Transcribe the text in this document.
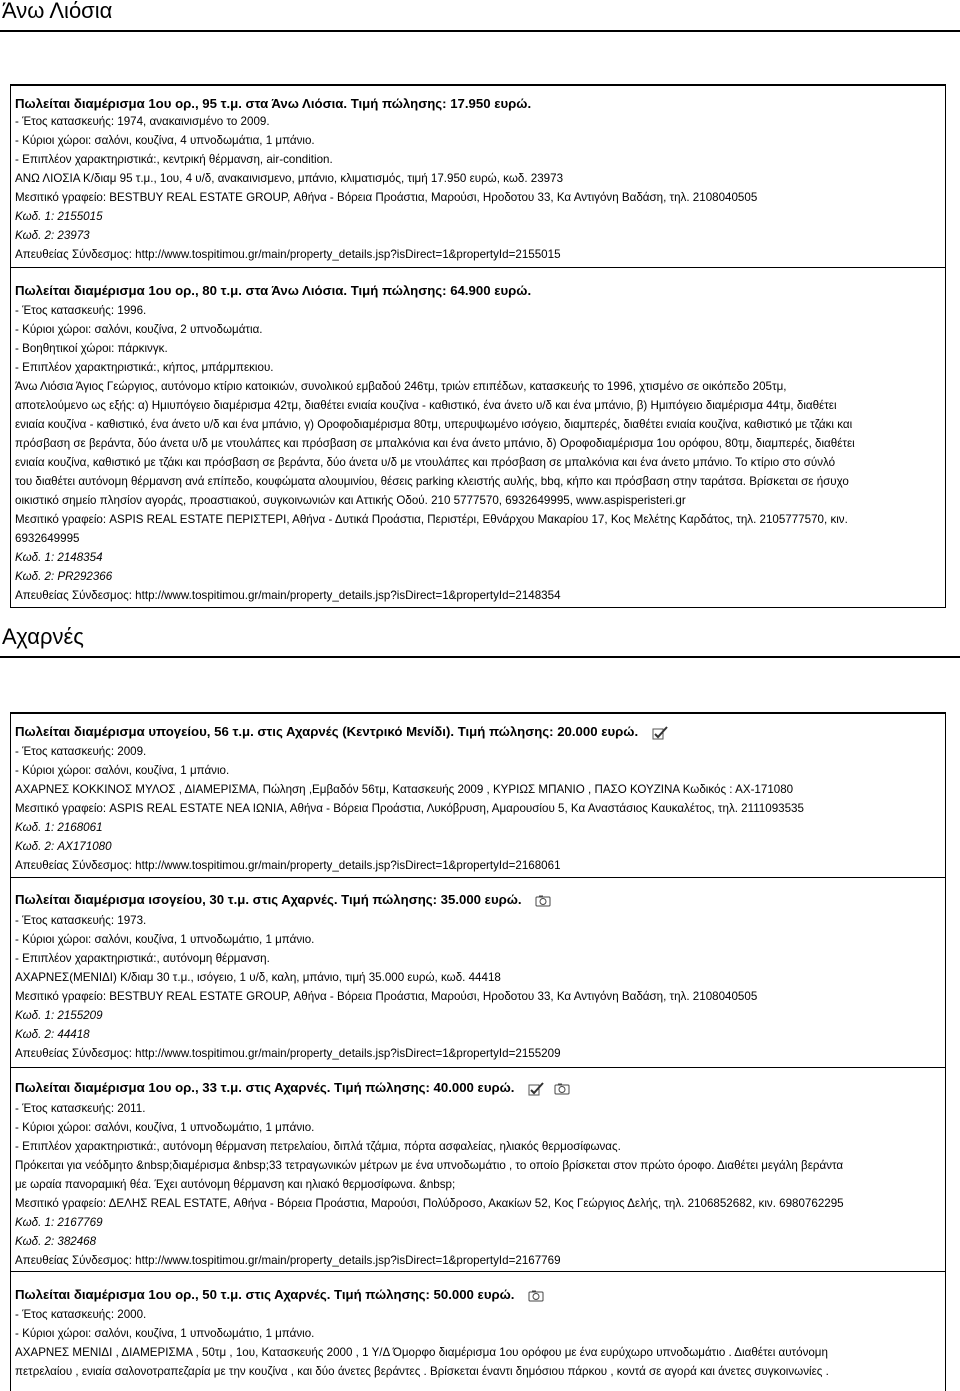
Άνω Λιόσια
Πωλείται διαμέρισμα 1ου ορ., 95 τ.μ. στα Άνω Λιόσια. Τιμή πώλησης: 17.950 ευρώ.
- Έτος κατασκευής: 1974, ανακαινισμένο το 2009.
- Κύριοι χώροι: σαλόνι, κουζίνα, 4 υπνοδωμάτια, 1 μπάνιο.
- Επιπλέον χαρακτηριστικά:, κεντρική θέρμανση, air-condition.
ΑΝΩ ΛΙΟΣΙΑ Κ/διαμ 95 τ.μ., 1ου, 4 υ/δ, ανακαινισμενο, μπάνιο, κλιματισμός, τιμή 17.950 ευρώ, κωδ. 23973
Μεσιτικό γραφείο: BESTBUY REAL ESTATE GROUP, Αθήνα - Βόρεια Προάστια, Μαρούσι, Ηροδοτου 33, Κα Αντιγόνη Βαδάση, τηλ. 2108040505
Κωδ. 1: 2155015
Κωδ. 2: 23973
Απευθείας Σύνδεσμος: http://www.tospitimou.gr/main/property_details.jsp?isDirect=1&propertyId=2155015
Πωλείται διαμέρισμα 1ου ορ., 80 τ.μ. στα Άνω Λιόσια. Τιμή πώλησης: 64.900 ευρώ.
- Έτος κατασκευής: 1996.
- Κύριοι χώροι: σαλόνι, κουζίνα, 2 υπνοδωμάτια.
- Βοηθητικοί χώροι: πάρκινγκ.
- Επιπλέον χαρακτηριστικά:, κήπος, μπάρμπεκιου.
Άνω Λιόσια Άγιος Γεώργιος, αυτόνομο κτίριο κατοικιών, συνολικού εμβαδού 246τμ, τριών επιπέδων, κατασκευής το 1996, χτισμένο σε οικόπεδο 205τμ,
αποτελούμενο ως εξής: α) Ημιυπόγειο διαμέρισμα 42τμ, διαθέτει ενιαία κουζίνα - καθιστικό, ένα άνετο υ/δ και ένα μπάνιο, β) Ημιπόγειο διαμέρισμα 44τμ, διαθέτει
ενιαία κουζίνα - καθιστικό, ένα άνετο υ/δ και ένα μπάνιο, γ) Οροφοδιαμέρισμα 80τμ, υπερυψωμένο ισόγειο, διαμπερές, διαθέτει ενιαία κουζίνα, καθιστικό με τζάκι και
πρόσβαση σε βεράντα, δύο άνετα υ/δ με ντουλάπες και πρόσβαση σε μπαλκόνια και ένα άνετο μπάνιο, δ) Οροφοδιαμέρισμα 1ου ορόφου, 80τμ, διαμπερές, διαθέτει
ενιαία κουζίνα, καθιστικό με τζάκι και πρόσβαση σε βεράντα, δύο άνετα υ/δ με ντουλάπες και πρόσβαση σε μπαλκόνια και ένα άνετο μπάνιο. Το κτίριο στο σύνλό
του διαθέτει αυτόνομη θέρμανση ανά επίπεδο, κουφώματα αλουμινίου, θέσεις parking κλειστής αυλής, bbq, κήπο και πρόσβαση στην ταράτσα. Βρίσκεται σε ήσυχο
οικιστικό σημείο πλησίον αγοράς, προαστιακού, συγκοινωνιών και Αττικής Οδού. 210 5777570, 6932649995, www.aspisperisteri.gr
Μεσιτικό γραφείο: ASPIS REAL ESTATE ΠΕΡΙΣΤΕΡΙ, Αθήνα - Δυτικά Προάστια, Περιστέρι, Εθνάρχου Μακαρίου 17, Κος Μελέτης Καρδάτος, τηλ. 2105777570, κιν.
6932649995
Κωδ. 1: 2148354
Κωδ. 2: PR292366
Απευθείας Σύνδεσμος: http://www.tospitimou.gr/main/property_details.jsp?isDirect=1&propertyId=2148354
Αχαρνές
Πωλείται διαμέρισμα υπογείου, 56 τ.μ. στις Αχαρνές (Κεντρικό Μενίδι). Τιμή πώλησης: 20.000 ευρώ.
- Έτος κατασκευής: 2009.
- Κύριοι χώροι: σαλόνι, κουζίνα, 1 μπάνιο.
ΑΧΑΡΝΕΣ ΚΟΚΚΙΝΟΣ ΜΥΛΟΣ , ΔΙΑΜΕΡΙΣΜΑ, Πώληση ,Εμβαδόν 56τμ, Κατασκευής 2009 , ΚΥΡΙΩΣ ΜΠΑΝΙΟ , ΠΑΣΟ ΚΟΥΖΙΝΑ Κωδικός : ΑΧ-171080
Μεσιτικό γραφείο: ASPIS REAL ESTATE ΝΕΑ ΙΩΝΙΑ, Αθήνα - Βόρεια Προάστια, Λυκόβρυση, Αμαρουσίου 5, Κα Αναστάσιος Καυκαλέτος, τηλ. 2111093535
Κωδ. 1: 2168061
Κωδ. 2: AX171080
Απευθείας Σύνδεσμος: http://www.tospitimou.gr/main/property_details.jsp?isDirect=1&propertyId=2168061
Πωλείται διαμέρισμα ισογείου, 30 τ.μ. στις Αχαρνές. Τιμή πώλησης: 35.000 ευρώ.
- Έτος κατασκευής: 1973.
- Κύριοι χώροι: σαλόνι, κουζίνα, 1 υπνοδωμάτιο, 1 μπάνιο.
- Επιπλέον χαρακτηριστικά:, αυτόνομη θέρμανση.
ΑΧΑΡΝΕΣ(ΜΕΝΙΔΙ) Κ/διαμ 30 τ.μ., ισόγειο, 1 υ/δ, καλη, μπάνιο, τιμή 35.000 ευρώ, κωδ. 44418
Μεσιτικό γραφείο: BESTBUY REAL ESTATE GROUP, Αθήνα - Βόρεια Προάστια, Μαρούσι, Ηροδοτου 33, Κα Αντιγόνη Βαδάση, τηλ. 2108040505
Κωδ. 1: 2155209
Κωδ. 2: 44418
Απευθείας Σύνδεσμος: http://www.tospitimou.gr/main/property_details.jsp?isDirect=1&propertyId=2155209
Πωλείται διαμέρισμα 1ου ορ., 33 τ.μ. στις Αχαρνές. Τιμή πώλησης: 40.000 ευρώ.

- Έτος κατασκευής: 2011.
- Κύριοι χώροι: σαλόνι, κουζίνα, 1 υπνοδωμάτιο, 1 μπάνιο.
- Επιπλέον χαρακτηριστικά:, αυτόνομη θέρμανση πετρελαίου, διπλά τζάμια, πόρτα ασφαλείας, ηλιακός θερμοσίφωνας.
Πρόκειται για νεόδμητο &nbsp;διαμέρισμα &nbsp;33 τετραγωνικών μέτρων με ένα υπνοδωμάτιο , το οποίο βρίσκεται στον πρώτο όροφο. Διαθέτει μεγάλη βεράντα
με ωραία πανοραμική θέα. Έχει αυτόνομη θέρμανση και ηλιακό θερμοσίφωνα. &nbsp;
Μεσιτικό γραφείο: ΔΕΛΗΣ REAL ESTATE, Αθήνα - Βόρεια Προάστια, Μαρούσι, Πολύδροσο, Ακακίων 52, Κος Γεώργιος Δελής, τηλ. 2106852682, κιν. 6980762295
Κωδ. 1: 2167769
Κωδ. 2: 382468
Απευθείας Σύνδεσμος: http://www.tospitimou.gr/main/property_details.jsp?isDirect=1&propertyId=2167769
Πωλείται διαμέρισμα 1ου ορ., 50 τ.μ. στις Αχαρνές. Τιμή πώλησης: 50.000 ευρώ.
- Έτος κατασκευής: 2000.
- Κύριοι χώροι: σαλόνι, κουζίνα, 1 υπνοδωμάτιο, 1 μπάνιο.
ΑΧΑΡΝΕΣ ΜΕΝΙΔΙ , ΔΙΑΜΕΡΙΣΜΑ , 50τμ , 1ου, Κατασκευής 2000 , 1 Υ/Δ Όμορφο διαμέρισμα 1ου ορόφου με ένα ευρύχωρο υπνοδωμάτιο . Διαθέτει αυτόνομη
πετρελαίου , ενιαία σαλονοτραπεζαρία με την κουζίνα , και δύο άνετες βεράντες . Βρίσκεται έναντι δημόσιου πάρκου , κοντά σε αγορά και άνετες συγκοινωνίες .
